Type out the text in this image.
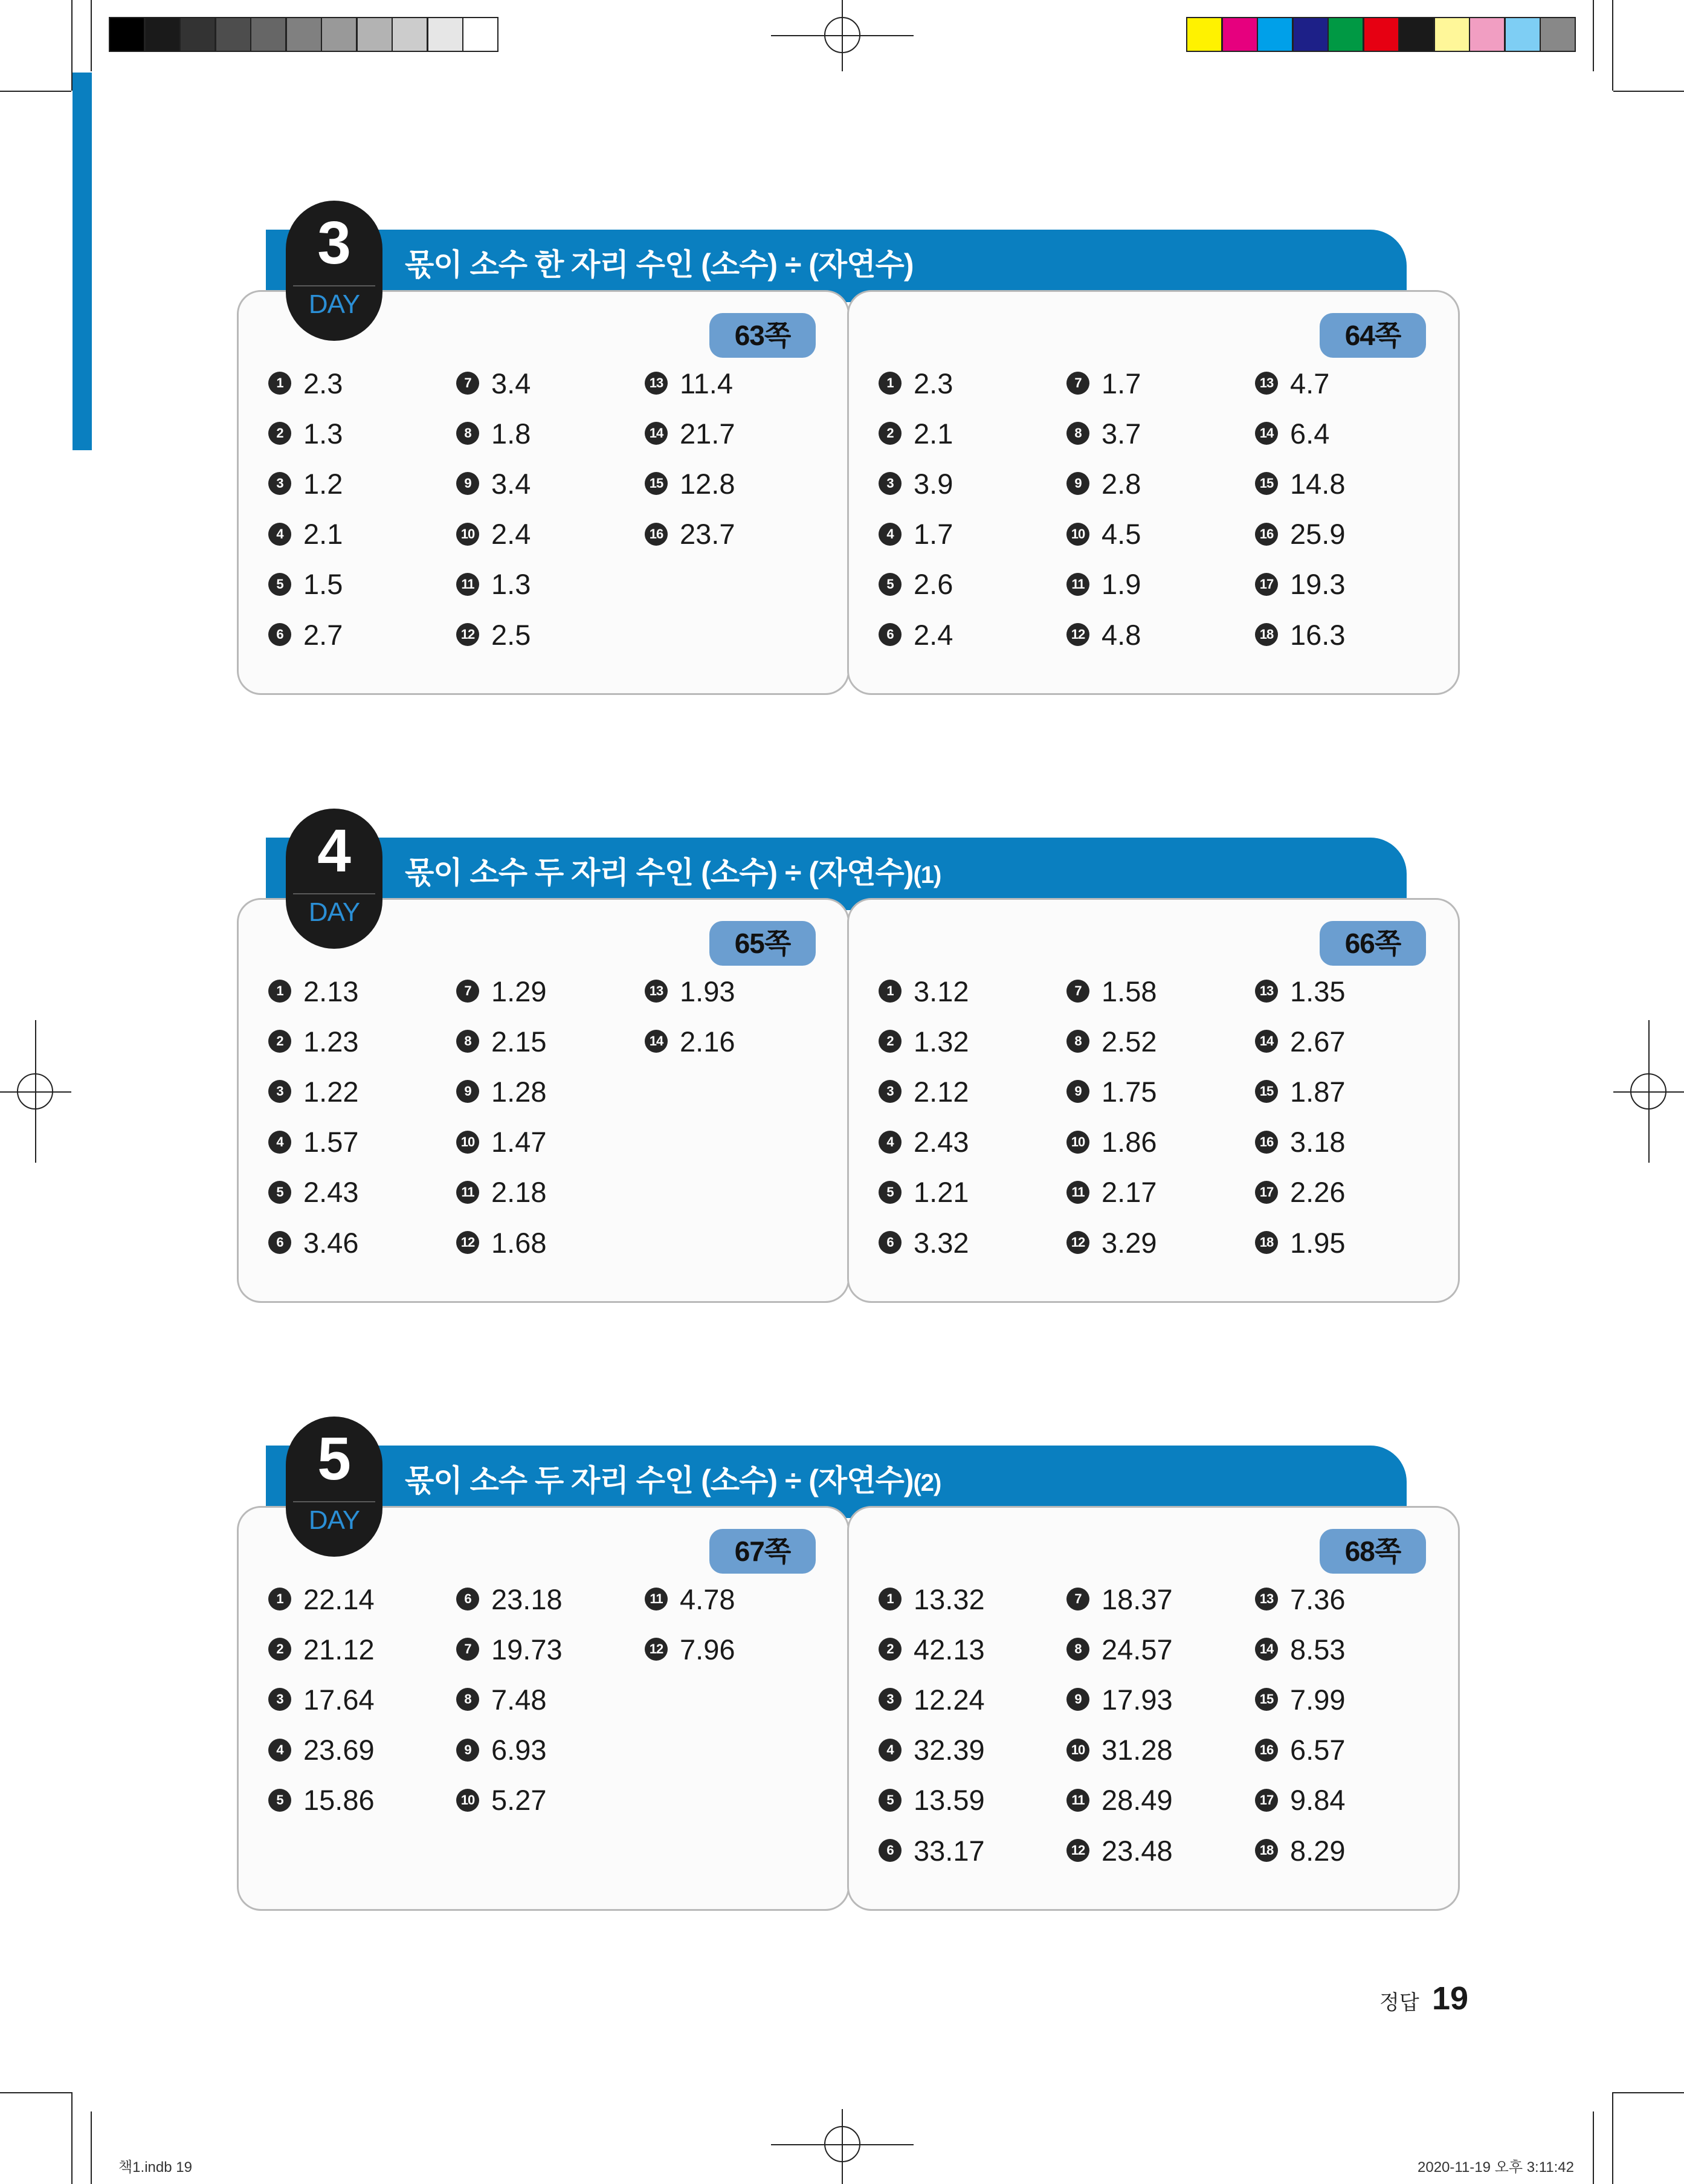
63쪽
1 2.3
2 1.3
3 1.2
4 2.1
5 1.5
6 2.7
7 3.4
8 1.8
9 3.4
10 2.4
11 1.3
12 2.5
13 11.4
14 21.7
15 12.8
16 23.7
64쪽
1 2.3
2 2.1
3 3.9
4 1.7
5 2.6
6 2.4
7 1.7
8 3.7
9 2.8
10 4.5
11 1.9
12 4.8
13 4.7
14 6.4
15 14.8
16 25.9
17 19.3
18 16.3
3
DAY
몫이 소수 한 자리 수인 (소수) ÷ (자연수)
65쪽
1 2.13
2 1.23
3 1.22
4 1.57
5 2.43
6 3.46
7 1.29
8 2.15
9 1.28
10 1.47
11 2.18
12 1.68
13 1.93
14 2.16
66쪽
1 3.12
2 1.32
3 2.12
4 2.43
5 1.21
6 3.32
7 1.58
8 2.52
9 1.75
10 1.86
11 2.17
12 3.29
13 1.35
14 2.67
15 1.87
16 3.18
17 2.26
18 1.95
4
DAY
몫이 소수 두 자리 수인 (소수) ÷ (자연수)(1)
67쪽
1 22.14
2 21.12
3 17.64
4 23.69
5 15.86
6 23.18
7 19.73
8 7.48
9 6.93
10 5.27
11 4.78
12 7.96
68쪽
1 13.32
2 42.13
3 12.24
4 32.39
5 13.59
6 33.17
7 18.37
8 24.57
9 17.93
10 31.28
11 28.49
12 23.48
13 7.36
14 8.53
15 7.99
16 6.57
17 9.84
18 8.29
5
DAY
몫이 소수 두 자리 수인 (소수) ÷ (자연수)(2)
정답 19
책1.indb 19	2020-11-19 오후 3:11:42
